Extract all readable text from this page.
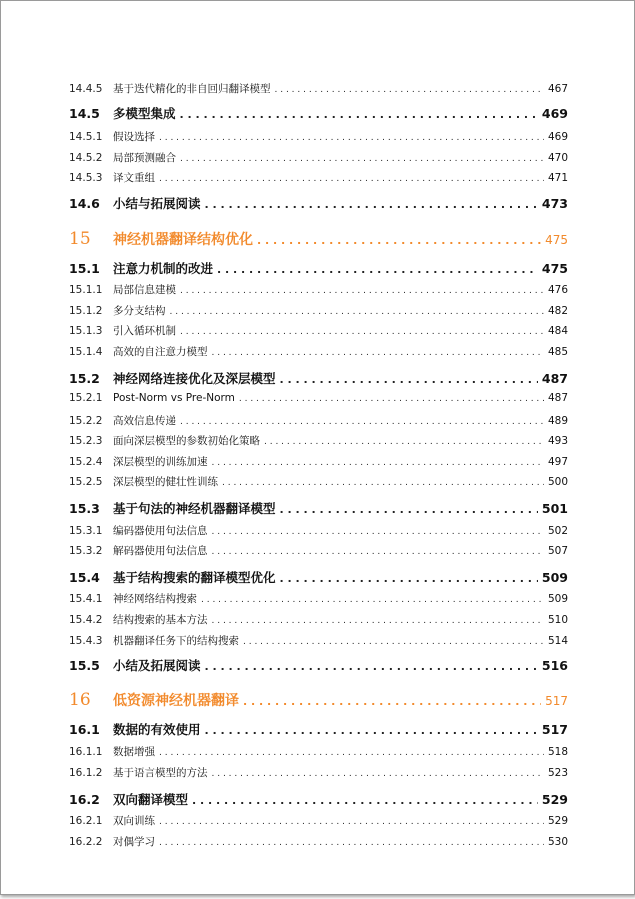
14.4.5	基于迭代精化的非自回归翻译模型 . . .	467
14.5	多模型集成 . . .	469
14.5.1	假设选择 . . .	469
14.5.2	局部预测融合 . . .	470
14.5.3	译文重组 . . .	471
14.6	小结与拓展阅读 . . .	473
15	神经机器翻译结构优化 . . .	475
15.1	注意力机制的改进 . . .	475
15.1.1	局部信息建模 . . .	476
15.1.2	多分支结构 . . .	482
15.1.3	引入循环机制 . . .	484
15.1.4	高效的自注意力模型 . . .	485
15.2	神经网络连接优化及深层模型 . . .	487
15.2.1	Post-Norm vs Pre-Norm . . .	487
15.2.2	高效信息传递 . . .	489
15.2.3	面向深层模型的参数初始化策略 . . .	493
15.2.4	深层模型的训练加速 . . .	497
15.2.5	深层模型的健壮性训练 . . .	500
15.3	基于句法的神经机器翻译模型 . . .	501
15.3.1	编码器使用句法信息 . . .	502
15.3.2	解码器使用句法信息 . . .	507
15.4	基于结构搜索的翻译模型优化 . . .	509
15.4.1	神经网络结构搜索 . . .	509
15.4.2	结构搜索的基本方法 . . .	510
15.4.3	机器翻译任务下的结构搜索 . . .	514
15.5	小结及拓展阅读 . . .	516
16	低资源神经机器翻译 . . .	517
16.1	数据的有效使用 . . .	517
16.1.1	数据增强 . . .	518
16.1.2	基于语言模型的方法 . . .	523
16.2	双向翻译模型 . . .	529
16.2.1	双向训练 . . .	529
16.2.2	对偶学习 . . .	530
